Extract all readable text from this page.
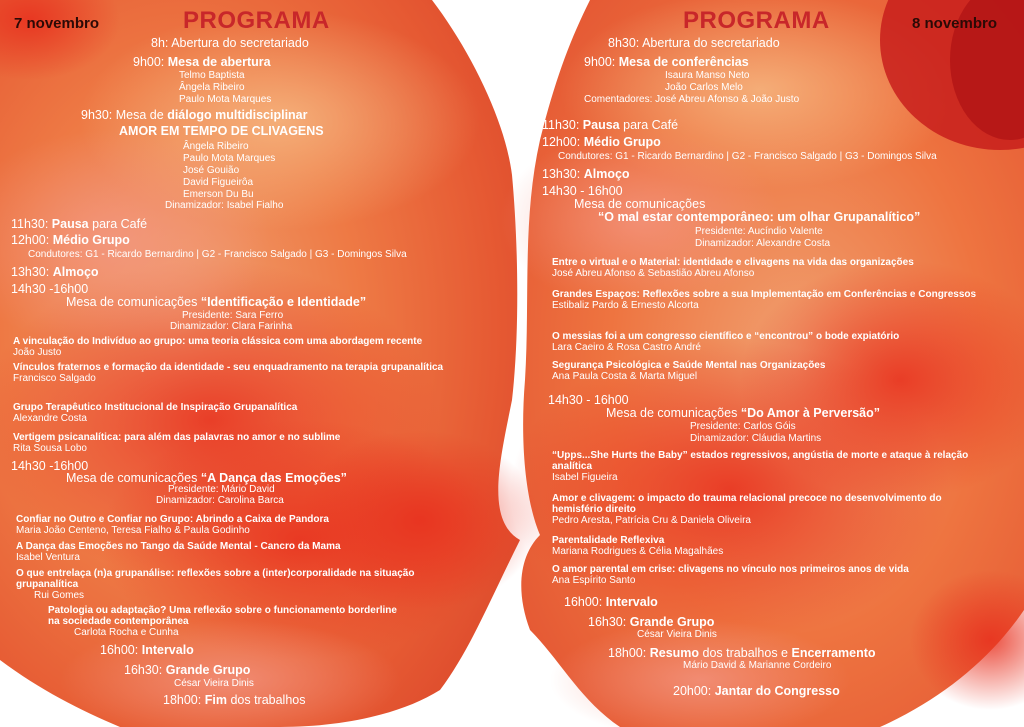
7 novembro	PROGRAMA
8h: Abertura do secretariado
9h00: Mesa de abertura
Telmo Baptista
Ângela Ribeiro
Paulo Mota Marques
9h30: Mesa de diálogo multidisciplinar
AMOR EM TEMPO DE CLIVAGENS
Ângela Ribeiro
Paulo Mota Marques
José Gouião
David Figueirôa
Emerson Du Bu
Dinamizador: Isabel Fialho
11h30: Pausa para Café
12h00: Médio Grupo
Condutores: G1 - Ricardo Bernardino | G2 - Francisco Salgado | G3 - Domingos Silva
13h30: Almoço
14h30 -16h00
Mesa de comunicações “Identificação e Identidade”
Presidente: Sara Ferro
Dinamizador: Clara Farinha
A vinculação do Indivíduo ao grupo: uma teoria clássica com uma abordagem recente
João Justo
Vínculos fraternos e formação da identidade - seu enquadramento na terapia grupanalítica
Francisco Salgado
Grupo Terapêutico Institucional de Inspiração Grupanalítica
Alexandre Costa
Vertigem psicanalítica: para além das palavras no amor e no sublime
Rita Sousa Lobo
14h30 -16h00
Mesa de comunicações “A Dança das Emoções”
Presidente: Mário David
Dinamizador: Carolina Barca
Confiar no Outro e Confiar no Grupo: Abrindo a Caixa de Pandora
Maria João Centeno, Teresa Fialho & Paula Godinho
A Dança das Emoções no Tango da Saúde Mental - Cancro da Mama
Isabel Ventura
O que entrelaça (n)a grupanálise: reflexões sobre a (inter)corporalidade na situação grupanalítica
Rui Gomes
Patologia ou adaptação? Uma reflexão sobre o funcionamento borderline na sociedade contemporânea
Carlota Rocha e Cunha
16h00: Intervalo
16h30: Grande Grupo
César Vieira Dinis
18h00: Fim dos trabalhos
PROGRAMA	8 novembro
8h30: Abertura do secretariado
9h00: Mesa de conferências
Isaura Manso Neto
João Carlos Melo
Comentadores: José Abreu Afonso & João Justo
11h30: Pausa para Café
12h00: Médio Grupo
Condutores: G1 - Ricardo Bernardino | G2 - Francisco Salgado | G3 - Domingos Silva
13h30: Almoço
14h30 - 16h00
Mesa de comunicações
“O mal estar contemporâneo: um olhar Grupanalítico”
Presidente: Aucíndio Valente
Dinamizador: Alexandre Costa
Entre o virtual e o Material: identidade e clivagens na vida das organizações
José Abreu Afonso & Sebastião Abreu Afonso
Grandes Espaços: Reflexões sobre a sua Implementação em Conferências e Congressos
Estibaliz Pardo & Ernesto Alcorta
O messias foi a um congresso científico e “encontrou” o bode expiatório
Lara Caeiro & Rosa Castro André
Segurança Psicológica e Saúde Mental nas Organizações
Ana Paula Costa & Marta Miguel
14h30 - 16h00
Mesa de comunicações “Do Amor à Perversão”
Presidente: Carlos Góis
Dinamizador: Cláudia Martins
“Upps...She Hurts the Baby” estados regressivos, angústia de morte e ataque à relação analítica
Isabel Figueira
Amor e clivagem: o impacto do trauma relacional precoce no desenvolvimento do hemisfério direito
Pedro Aresta, Patrícia Cru & Daniela Oliveira
Parentalidade Reflexiva
Mariana Rodrigues & Célia Magalhães
O amor parental em crise: clivagens no vínculo nos primeiros anos de vida
Ana Espírito Santo
16h00: Intervalo
16h30: Grande Grupo
César Vieira Dinis
18h00: Resumo dos trabalhos e Encerramento
Mário David & Marianne Cordeiro
20h00: Jantar do Congresso
